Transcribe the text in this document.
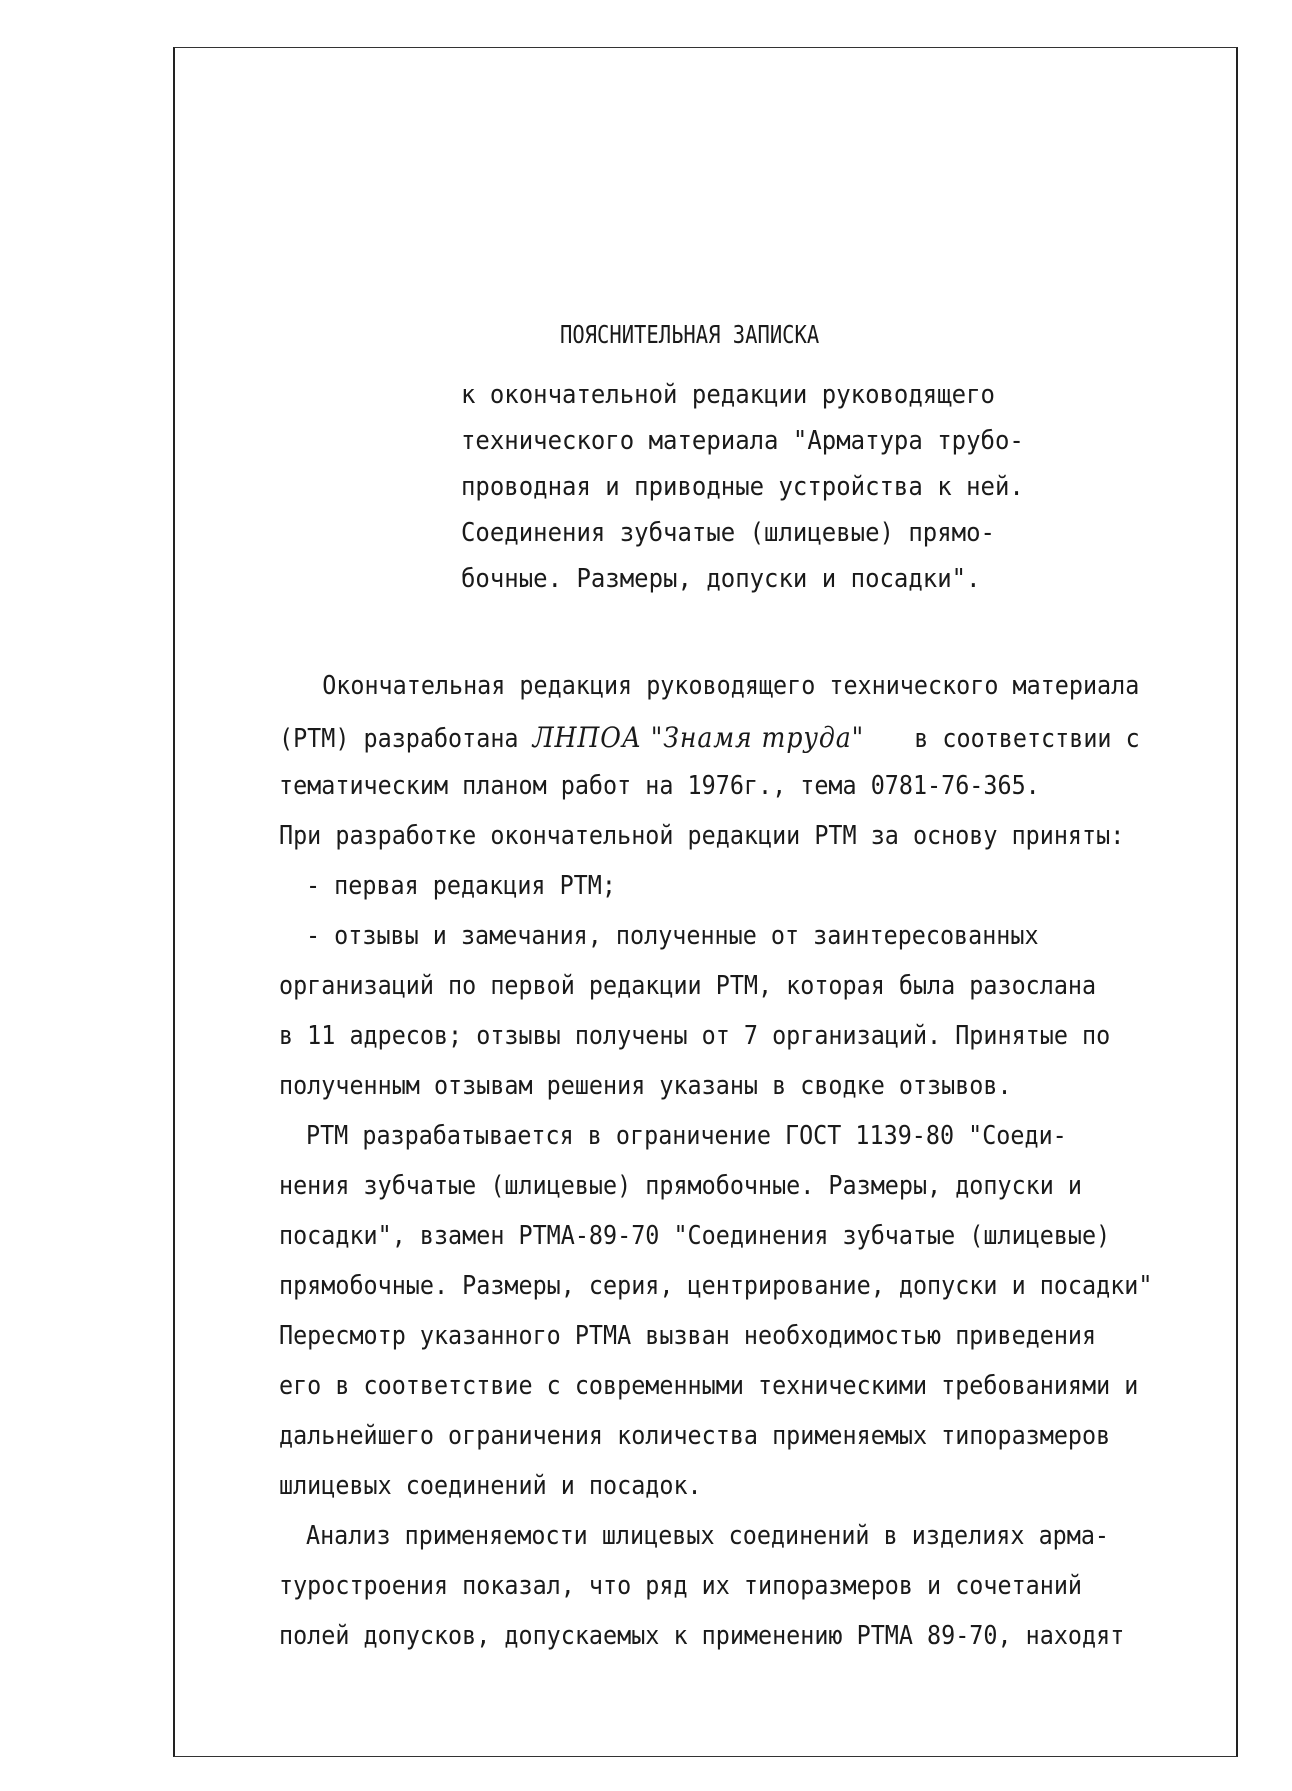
ПОЯСНИТЕЛЬНАЯ ЗАПИСКА
к окончательной редакции руководящего
технического материала "Арматура трубо-
проводная и приводные устройства к ней.
Соединения зубчатые (шлицевые) прямо-
бочные. Размеры, допуски и посадки".
Окончательная редакция руководящего технического материала
(РТМ) разработана ЛНПОА "Знамя труда" в соответствии с
тематическим планом работ на 1976г., тема 0781-76-365.
При разработке окончательной редакции РТМ за основу приняты:
- первая редакция РТМ;
- отзывы и замечания, полученные от заинтересованных
организаций по первой редакции РТМ, которая была разослана
в 11 адресов; отзывы получены от 7 организаций. Принятые по
полученным отзывам решения указаны в сводке отзывов.
РТМ разрабатывается в ограничение ГОСТ 1139-80 "Соеди-
нения зубчатые (шлицевые) прямобочные. Размеры, допуски и
посадки", взамен РТМА-89-70 "Соединения зубчатые (шлицевые)
прямобочные. Размеры, серия, центрирование, допуски и посадки"
Пересмотр указанного РТМА вызван необходимостью приведения
его в соответствие с современными техническими требованиями и
дальнейшего ограничения количества применяемых типоразмеров
шлицевых соединений и посадок.
Анализ применяемости шлицевых соединений в изделиях арма-
туростроения показал, что ряд их типоразмеров и сочетаний
полей допусков, допускаемых к применению РТМА 89-70, находят
